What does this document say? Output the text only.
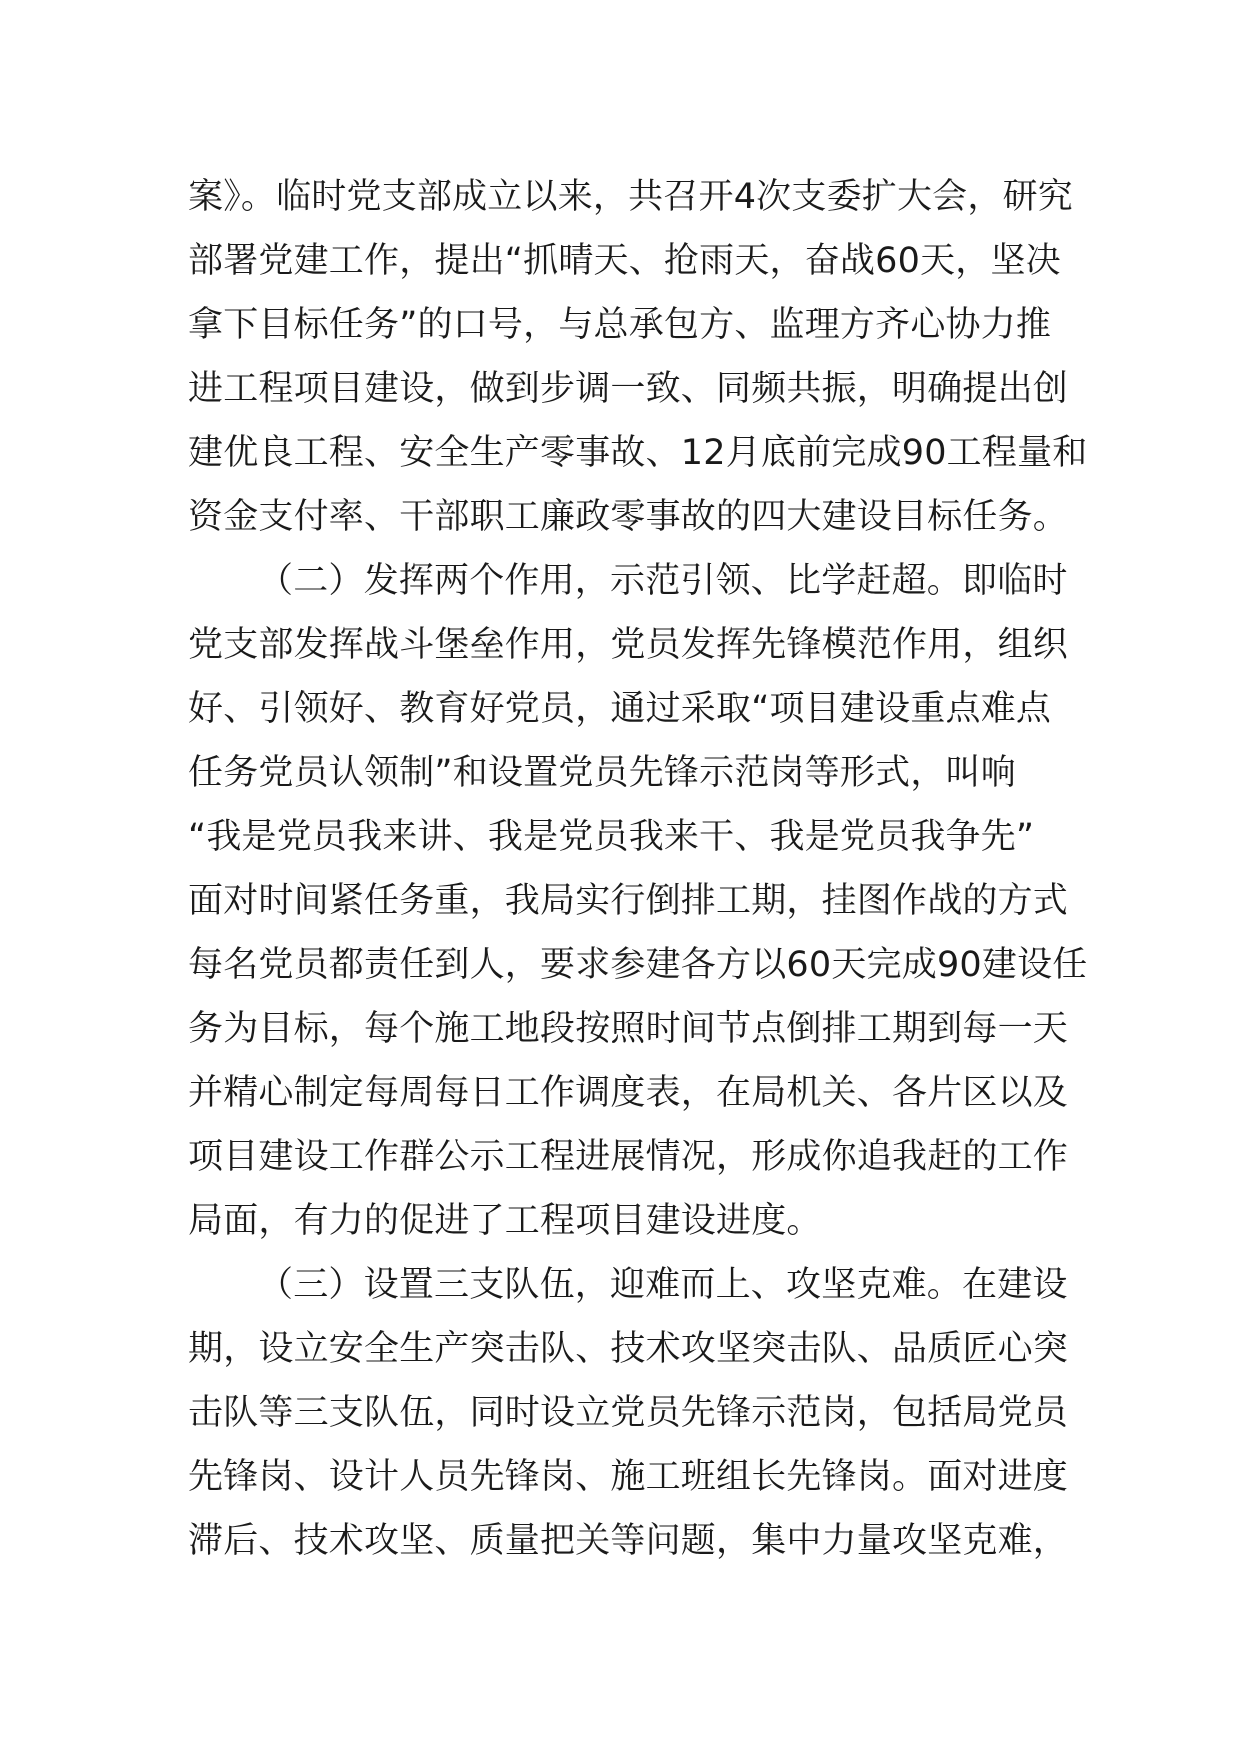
案》。临时党支部成立以来，共召开4次支委扩大会，研究
部署党建工作，提出“抓晴天、抢雨天，奋战60天，坚决
拿下目标任务”的口号，与总承包方、监理方齐心协力推
进工程项目建设，做到步调一致、同频共振，明确提出创
建优良工程、安全生产零事故、12月底前完成90工程量和
资金支付率、干部职工廉政零事故的四大建设目标任务。
（二）发挥两个作用，示范引领、比学赶超。即临时
党支部发挥战斗堡垒作用，党员发挥先锋模范作用，组织
好、引领好、教育好党员，通过采取“项目建设重点难点
任务党员认领制”和设置党员先锋示范岗等形式，叫响
“我是党员我来讲、我是党员我来干、我是党员我争先”
面对时间紧任务重，我局实行倒排工期，挂图作战的方式
每名党员都责任到人，要求参建各方以60天完成90建设任
务为目标，每个施工地段按照时间节点倒排工期到每一天
并精心制定每周每日工作调度表，在局机关、各片区以及
项目建设工作群公示工程进展情况，形成你追我赶的工作
局面，有力的促进了工程项目建设进度。
（三）设置三支队伍，迎难而上、攻坚克难。在建设
期，设立安全生产突击队、技术攻坚突击队、品质匠心突
击队等三支队伍，同时设立党员先锋示范岗，包括局党员
先锋岗、设计人员先锋岗、施工班组长先锋岗。面对进度
滞后、技术攻坚、质量把关等问题，集中力量攻坚克难，
